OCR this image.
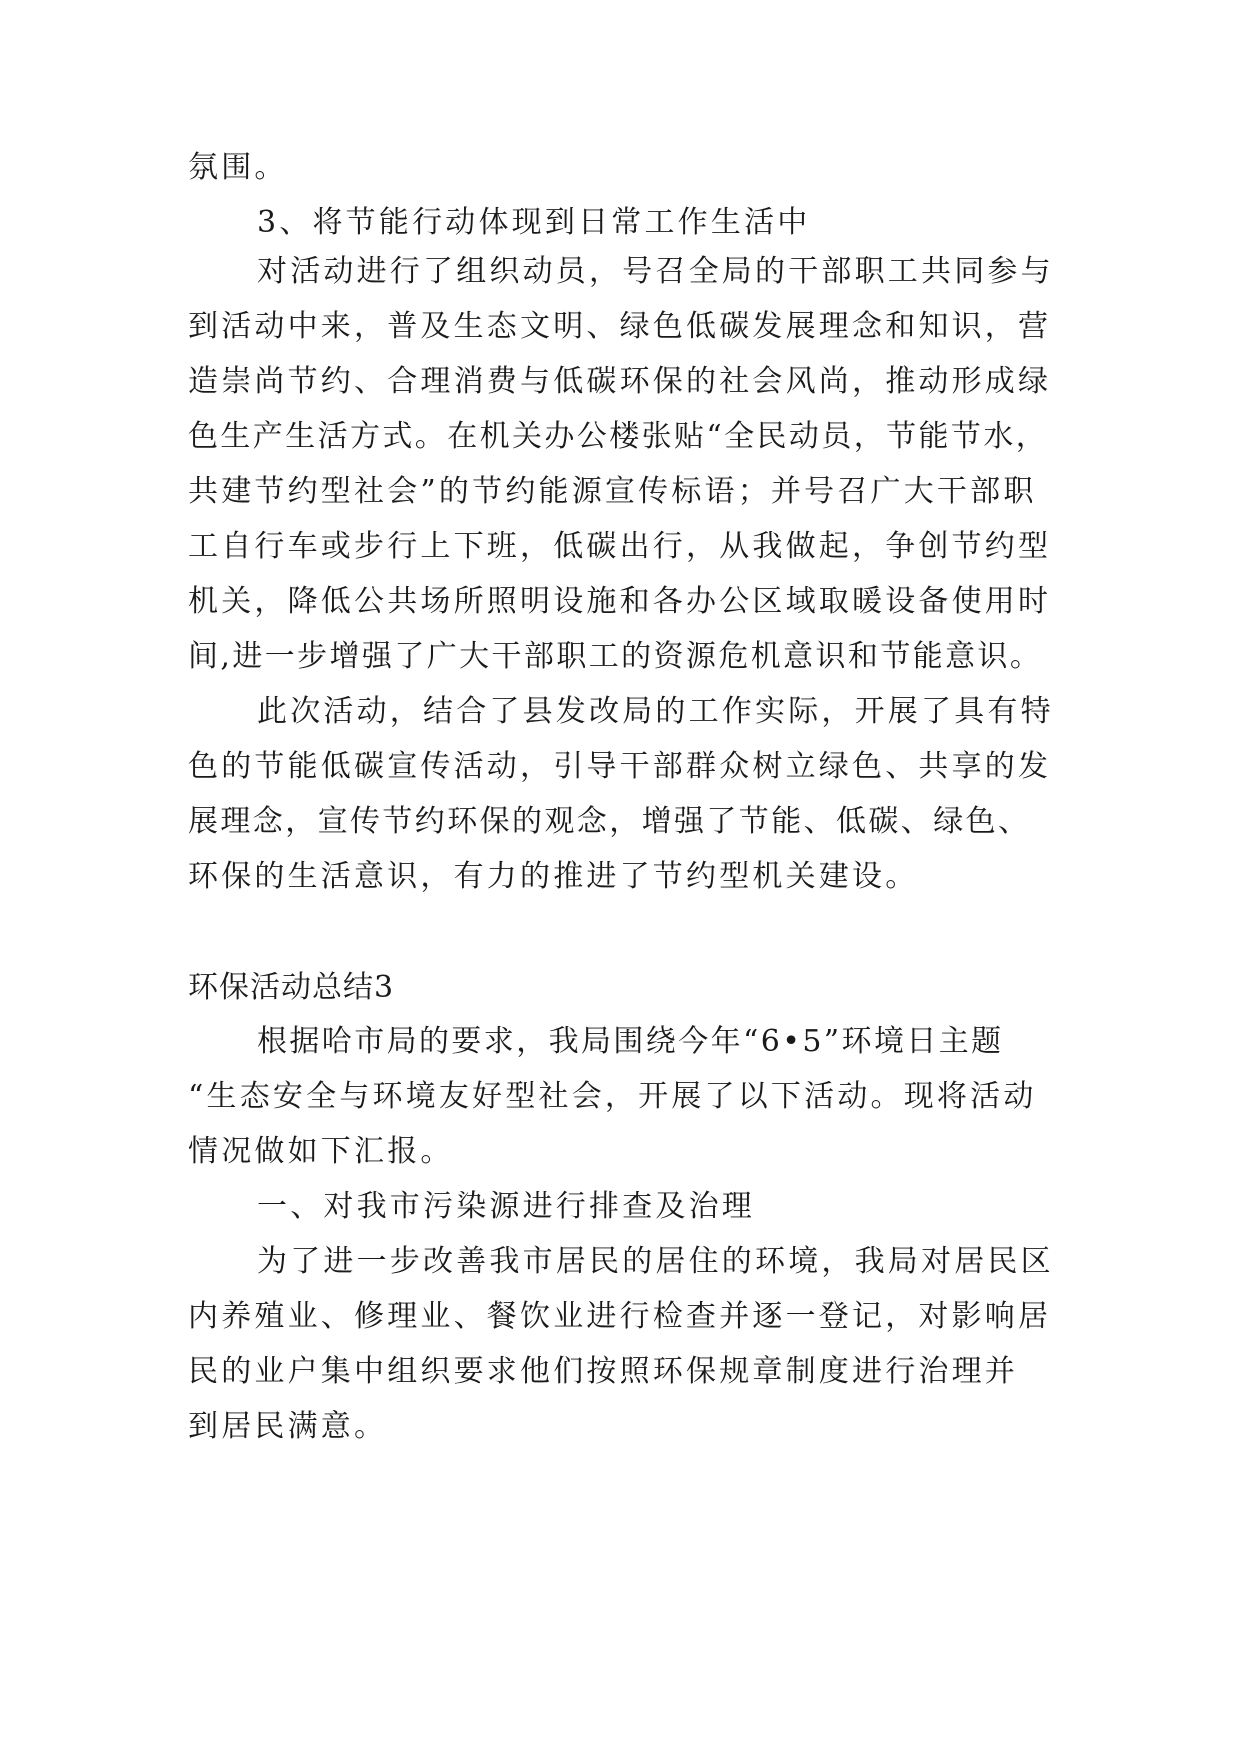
氛围。
3、将节能行动体现到日常工作生活中
对活动进行了组织动员，号召全局的干部职工共同参与
到活动中来，普及生态文明、绿色低碳发展理念和知识，营
造崇尚节约、合理消费与低碳环保的社会风尚，推动形成绿
色生产生活方式。在机关办公楼张贴“全民动员，节能节水，
共建节约型社会”的节约能源宣传标语；并号召广大干部职
工自行车或步行上下班，低碳出行，从我做起，争创节约型
机关，降低公共场所照明设施和各办公区域取暖设备使用时
间,进一步增强了广大干部职工的资源危机意识和节能意识。
此次活动，结合了县发改局的工作实际，开展了具有特
色的节能低碳宣传活动，引导干部群众树立绿色、共享的发
展理念，宣传节约环保的观念，增强了节能、低碳、绿色、
环保的生活意识，有力的推进了节约型机关建设。
环保活动总结3
根据哈市局的要求，我局围绕今年“6•5”环境日主题
“生态安全与环境友好型社会，开展了以下活动。现将活动
情况做如下汇报。
一、对我市污染源进行排查及治理
为了进一步改善我市居民的居住的环境，我局对居民区
内养殖业、修理业、餐饮业进行检查并逐一登记，对影响居
民的业户集中组织要求他们按照环保规章制度进行治理并
到居民满意。
